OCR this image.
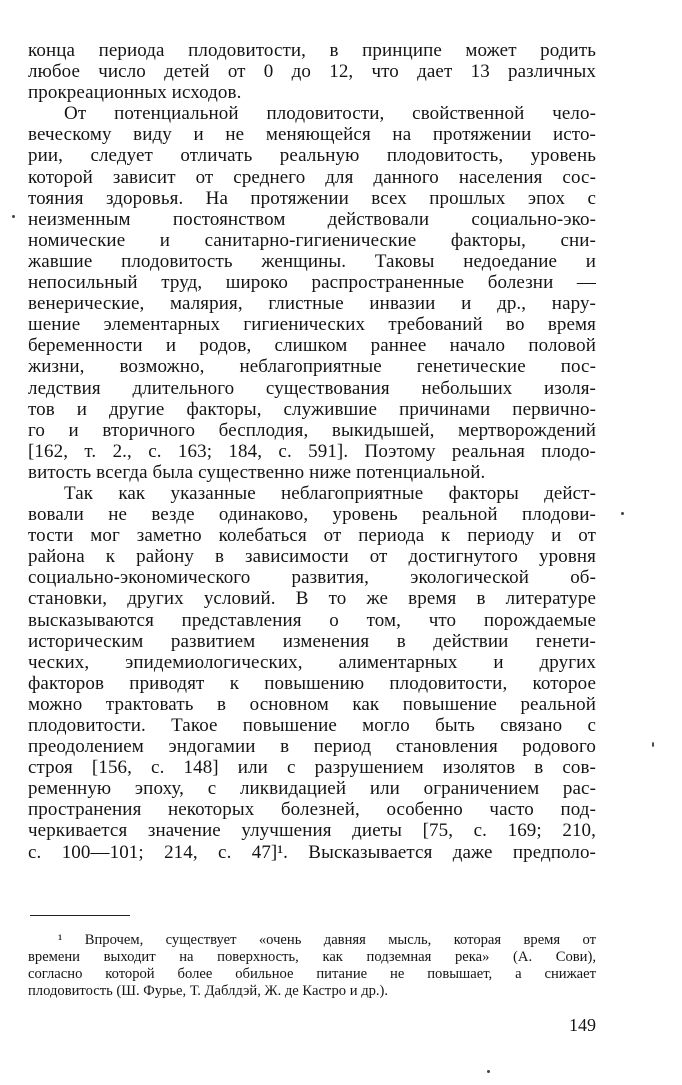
конца периода плодовитости, в принципе может родить
любое число детей от 0 до 12, что дает 13 различных
прокреационных исходов.
От потенциальной плодовитости, свойственной чело-
веческому виду и не меняющейся на протяжении исто-
рии, следует отличать реальную плодовитость, уровень
которой зависит от среднего для данного населения сос-
тояния здоровья. На протяжении всех прошлых эпох с
неизменным постоянством действовали социально-эко-
номические и санитарно-гигиенические факторы, сни-
жавшие плодовитость женщины. Таковы недоедание и
непосильный труд, широко распространенные болезни —
венерические, малярия, глистные инвазии и др., нару-
шение элементарных гигиенических требований во время
беременности и родов, слишком раннее начало половой
жизни, возможно, неблагоприятные генетические пос-
ледствия длительного существования небольших изоля-
тов и другие факторы, служившие причинами первично-
го и вторичного бесплодия, выкидышей, мертворождений
[162, т. 2., с. 163; 184, с. 591]. Поэтому реальная плодо-
витость всегда была существенно ниже потенциальной.
Так как указанные неблагоприятные факторы дейст-
вовали не везде одинаково, уровень реальной плодови-
тости мог заметно колебаться от периода к периоду и от
района к району в зависимости от достигнутого уровня
социально-экономического развития, экологической об-
становки, других условий. В то же время в литературе
высказываются представления о том, что порождаемые
историческим развитием изменения в действии генети-
ческих, эпидемиологических, алиментарных и других
факторов приводят к повышению плодовитости, которое
можно трактовать в основном как повышение реальной
плодовитости. Такое повышение могло быть связано с
преодолением эндогамии в период становления родового
строя [156, с. 148] или с разрушением изолятов в сов-
ременную эпоху, с ликвидацией или ограничением рас-
пространения некоторых болезней, особенно часто под-
черкивается значение улучшения диеты [75, с. 169; 210,
с. 100—101; 214, с. 47]¹. Высказывается даже предполо-
¹ Впрочем, существует «очень давняя мысль, которая время от
времени выходит на поверхность, как подземная река» (А. Сови),
согласно которой более обильное питание не повышает, а снижает
плодовитость (Ш. Фурье, Т. Даблдэй, Ж. де Кастро и др.).
149
